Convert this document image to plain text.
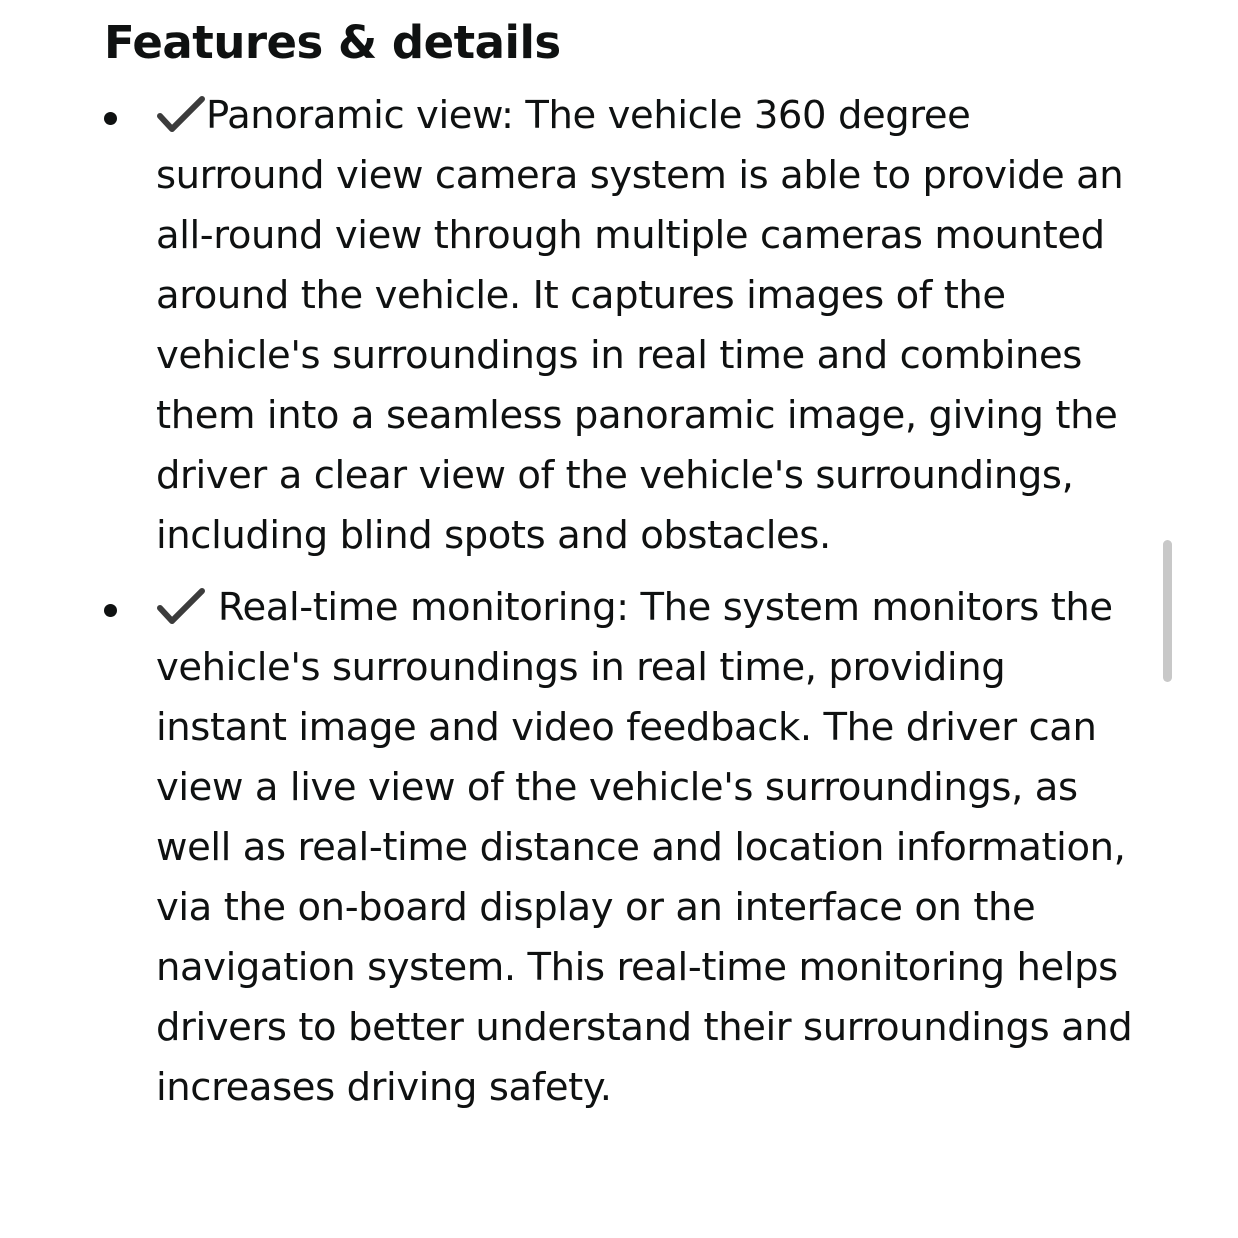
Features & details
Panoramic view: The vehicle 360 degree surround view camera system is able to provide an all-round view through multiple cameras mounted around the vehicle. It captures images of the vehicle's surroundings in real time and combines them into a seamless panoramic image, giving the driver a clear view of the vehicle's surroundings, including blind spots and obstacles.
Real-time monitoring: The system monitors the vehicle's surroundings in real time, providing instant image and video feedback. The driver can view a live view of the vehicle's surroundings, as well as real-time distance and location information, via the on-board display or an interface on the navigation system. This real-time monitoring helps drivers to better understand their surroundings and increases driving safety.
